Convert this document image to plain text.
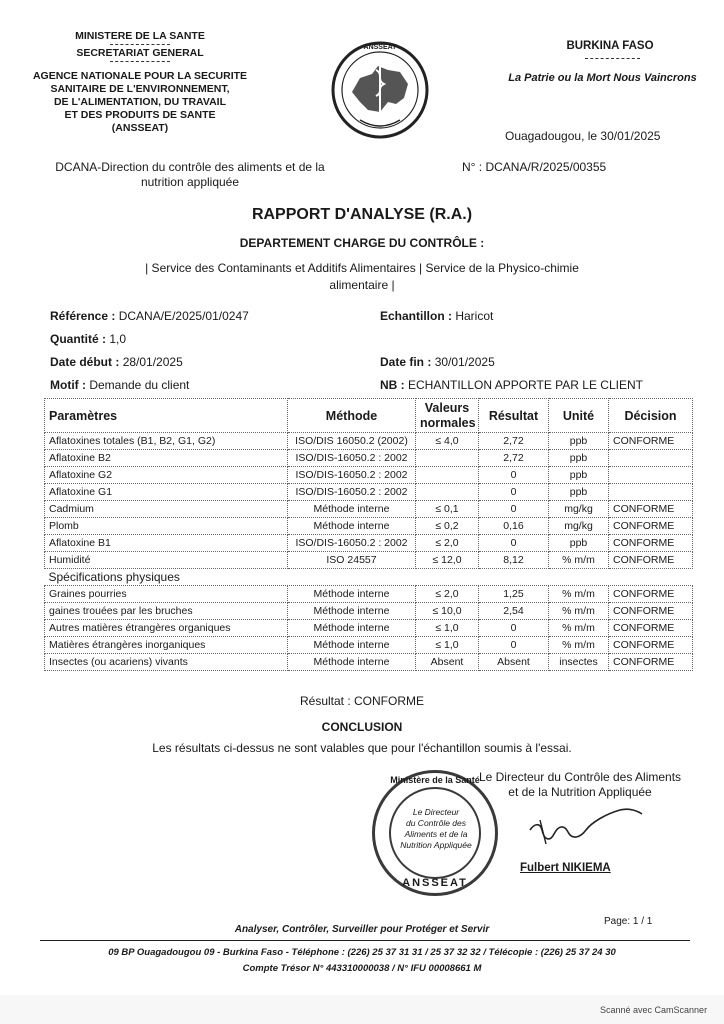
MINISTERE DE LA SANTE
SECRETARIAT GENERAL
AGENCE NATIONALE POUR LA SECURITE
SANITAIRE DE L'ENVIRONNEMENT,
DE L'ALIMENTATION, DU TRAVAIL
ET DES PRODUITS DE SANTE
(ANSSEAT)
ANSSEAT	BURKINA FASO
La Patrie ou la Mort Nous Vaincrons
Ouagadougou, le 30/01/2025
N° : DCANA/R/2025/00355
DCANA-Direction du contrôle des aliments et de la
nutrition appliquée
RAPPORT D'ANALYSE (R.A.)
DEPARTEMENT CHARGE DU CONTRÔLE :
| Service des Contaminants et Additifs Alimentaires | Service de la Physico-chimie
alimentaire |
Référence : DCANA/E/2025/01/0247
Quantité : 1,0
Date début : 28/01/2025
Motif : Demande du client
Echantillon : Haricot

Date fin : 30/01/2025
NB : ECHANTILLON APPORTE PAR LE CLIENT
Paramètres	Méthode	Valeurs normales	Résultat	Unité	Décision
Aflatoxines totales (B1, B2, G1, G2)	ISO/DIS 16050.2 (2002)	≤ 4,0	2,72	ppb	CONFORME
Aflatoxine B2	ISO/DIS-16050.2 : 2002		2,72	ppb	
Aflatoxine G2	ISO/DIS-16050.2 : 2002		0	ppb	
Aflatoxine G1	ISO/DIS-16050.2 : 2002		0	ppb	
Cadmium	Méthode interne	≤ 0,1	0	mg/kg	CONFORME
Plomb	Méthode interne	≤ 0,2	0,16	mg/kg	CONFORME
Aflatoxine B1	ISO/DIS-16050.2 : 2002	≤ 2,0	0	ppb	CONFORME
Humidité	ISO 24557	≤ 12,0	8,12	% m/m	CONFORME
Spécifications physiques					
Graines pourries	Méthode interne	≤ 2,0	1,25	% m/m	CONFORME
gaines trouées par les bruches	Méthode interne	≤ 10,0	2,54	% m/m	CONFORME
Autres matières étrangères organiques	Méthode interne	≤ 1,0	0	% m/m	CONFORME
Matières étrangères inorganiques	Méthode interne	≤ 1,0	0	% m/m	CONFORME
Insectes (ou acariens) vivants	Méthode interne	Absent	Absent	insectes	CONFORME
Résultat : CONFORME
CONCLUSION
Les résultats ci-dessus ne sont valables que pour l'échantillon soumis à l'essai.
Le Directeur du Contrôle des Aliments
et de la Nutrition Appliquée
Ministère de la Santé
Le Directeur
du Contrôle des
Aliments et de la
Nutrition Appliquée
ANSSEAT
Fulbert NIKIEMA
Page: 1 / 1
Analyser, Contrôler, Surveiller pour Protéger et Servir
09 BP Ouagadougou 09 - Burkina Faso - Téléphone : (226) 25 37 31 31 / 25 37 32 32 / Télécopie : (226) 25 37 24 30
Compte Trésor N° 443310000038 / N° IFU 00008661 M
Scanné avec CamScanner
